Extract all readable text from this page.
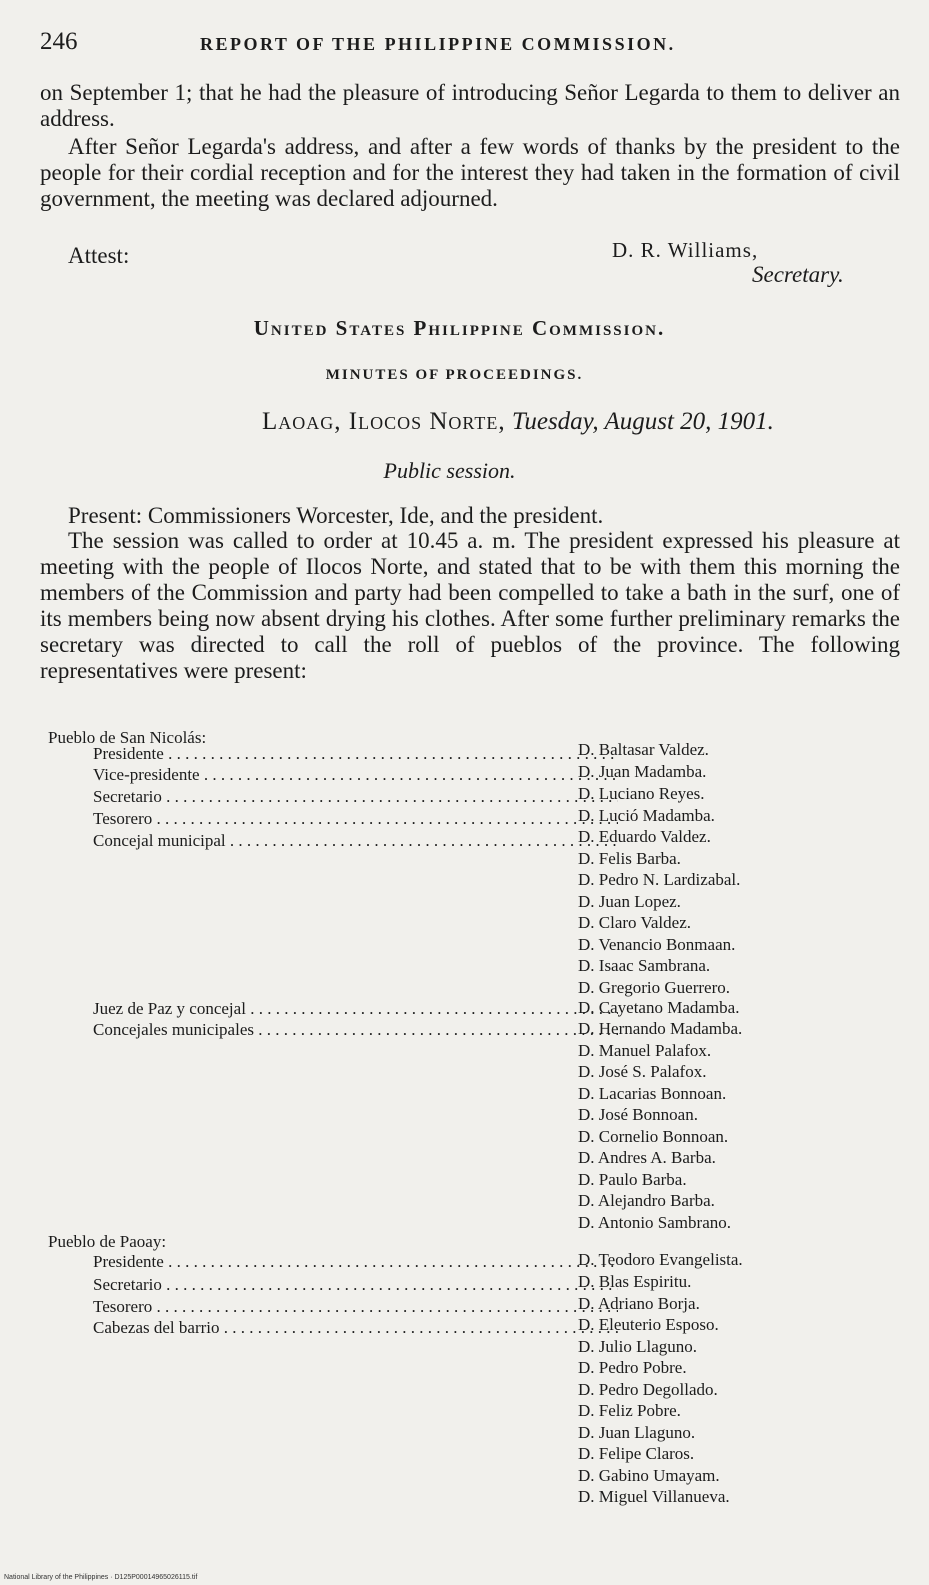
246	REPORT OF THE PHILIPPINE COMMISSION.

on September 1; that he had the pleasure of introducing Señor Legarda to them to deliver an address.

After Señor Legarda's address, and after a few words of thanks by the president to the people for their cordial reception and for the interest they had taken in the formation of civil government, the meeting was declared adjourned.

Attest:	D. R. Williams,
Secretary.
United States Philippine Commission.
MINUTES OF PROCEEDINGS.
Laoag, Ilocos Norte, Tuesday, August 20, 1901.
Public session.

Present: Commissioners Worcester, Ide, and the president.

The session was called to order at 10.45 a. m. The president expressed his pleasure at meeting with the people of Ilocos Norte, and stated that to be with them this morning the members of the Commission and party had been compelled to take a bath in the surf, one of its members being now absent drying his clothes. After some further preliminary remarks the secretary was directed to call the roll of pueblos of the province. The following representatives were present:

Pueblo de San Nicolás:
Presidente . . .
Vice-presidente . . .
Secretario . . .
Tesorero . . .
Concejal municipal . . .
Juez de Paz y concejal . . .
Concejales municipales . . .
D. Baltasar Valdez.
D. Juan Madamba.
D. Luciano Reyes.
D. Lució Madamba.
D. Eduardo Valdez.
D. Felis Barba.
D. Pedro N. Lardizabal.
D. Juan Lopez.
D. Claro Valdez.
D. Venancio Bonmaan.
D. Isaac Sambrana.
D. Gregorio Guerrero.
D. Cayetano Madamba.
D. Hernando Madamba.
D. Manuel Palafox.
D. José S. Palafox.
D. Lacarias Bonnoan.
D. José Bonnoan.
D. Cornelio Bonnoan.
D. Andres A. Barba.
D. Paulo Barba.
D. Alejandro Barba.
D. Antonio Sambrano.
Pueblo de Paoay:
Presidente . . .
Secretario . . .
Tesorero . . .
Cabezas del barrio . . .
D. Teodoro Evangelista.
D. Blas Espiritu.
D. Adriano Borja.
D. Eleuterio Esposo.
D. Julio Llaguno.
D. Pedro Pobre.
D. Pedro Degollado.
D. Feliz Pobre.
D. Juan Llaguno.
D. Felipe Claros.
D. Gabino Umayam.
D. Miguel Villanueva.
National Library of the Philippines · D125P00014965026115.tif
